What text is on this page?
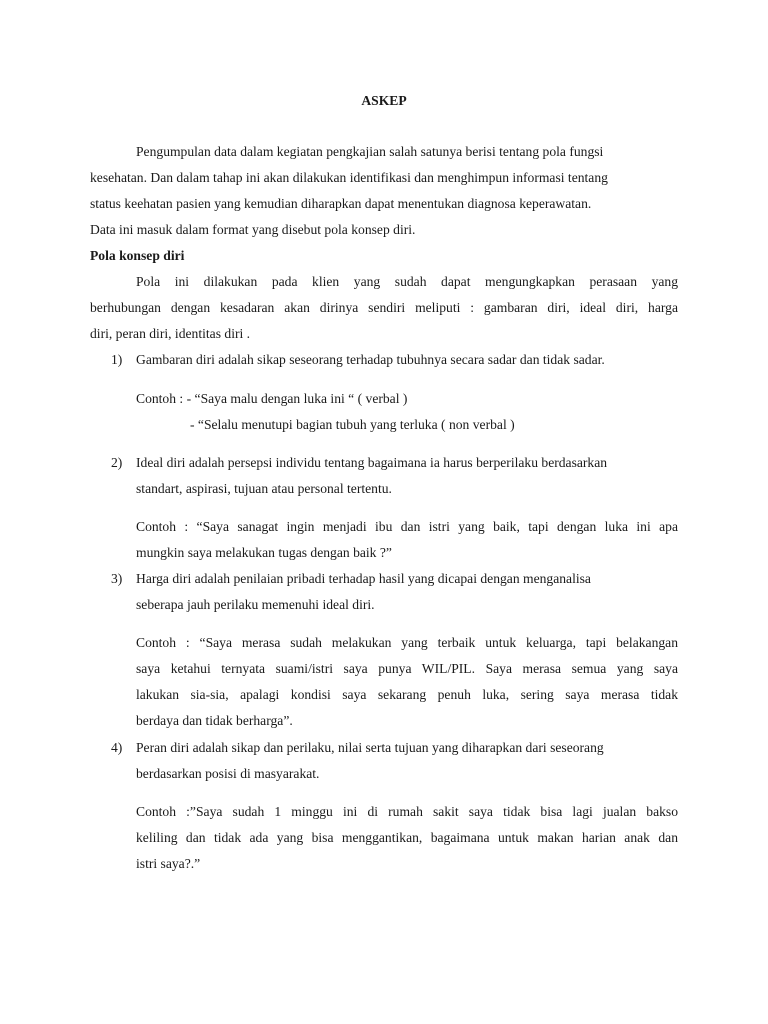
ASKEP
Pengumpulan data dalam kegiatan pengkajian salah satunya berisi tentang pola fungsi
kesehatan. Dan dalam tahap ini akan dilakukan identifikasi dan menghimpun informasi tentang
status keehatan pasien yang kemudian diharapkan dapat menentukan diagnosa keperawatan.
Data ini masuk dalam format yang disebut pola konsep diri.
Pola konsep diri
Pola ini dilakukan pada klien yang sudah dapat mengungkapkan perasaan yang
berhubungan dengan kesadaran akan dirinya sendiri meliputi : gambaran diri, ideal diri, harga
diri, peran diri, identitas diri .
1) Gambaran diri adalah sikap seseorang terhadap tubuhnya secara sadar dan tidak sadar.
Contoh : - “Saya malu dengan luka ini “ ( verbal )
- “Selalu menutupi bagian tubuh yang terluka ( non verbal )
2) Ideal diri adalah persepsi individu tentang bagaimana ia harus berperilaku berdasarkan
standart, aspirasi, tujuan atau personal tertentu.
Contoh : “Saya sanagat ingin menjadi ibu dan istri yang baik, tapi dengan luka ini apa
mungkin saya melakukan tugas dengan baik ?”
3) Harga diri adalah penilaian pribadi terhadap hasil yang dicapai dengan menganalisa
seberapa jauh perilaku memenuhi ideal diri.
Contoh : “Saya merasa sudah melakukan yang terbaik untuk keluarga, tapi belakangan
saya ketahui ternyata suami/istri saya punya WIL/PIL. Saya merasa semua yang saya
lakukan sia-sia, apalagi kondisi saya sekarang penuh luka, sering saya merasa tidak
berdaya dan tidak berharga”.
4) Peran diri adalah sikap dan perilaku, nilai serta tujuan yang diharapkan dari seseorang
berdasarkan posisi di masyarakat.
Contoh :”Saya sudah 1 minggu ini di rumah sakit saya tidak bisa lagi jualan bakso
keliling dan tidak ada yang bisa menggantikan, bagaimana untuk makan harian anak dan
istri saya?.”
